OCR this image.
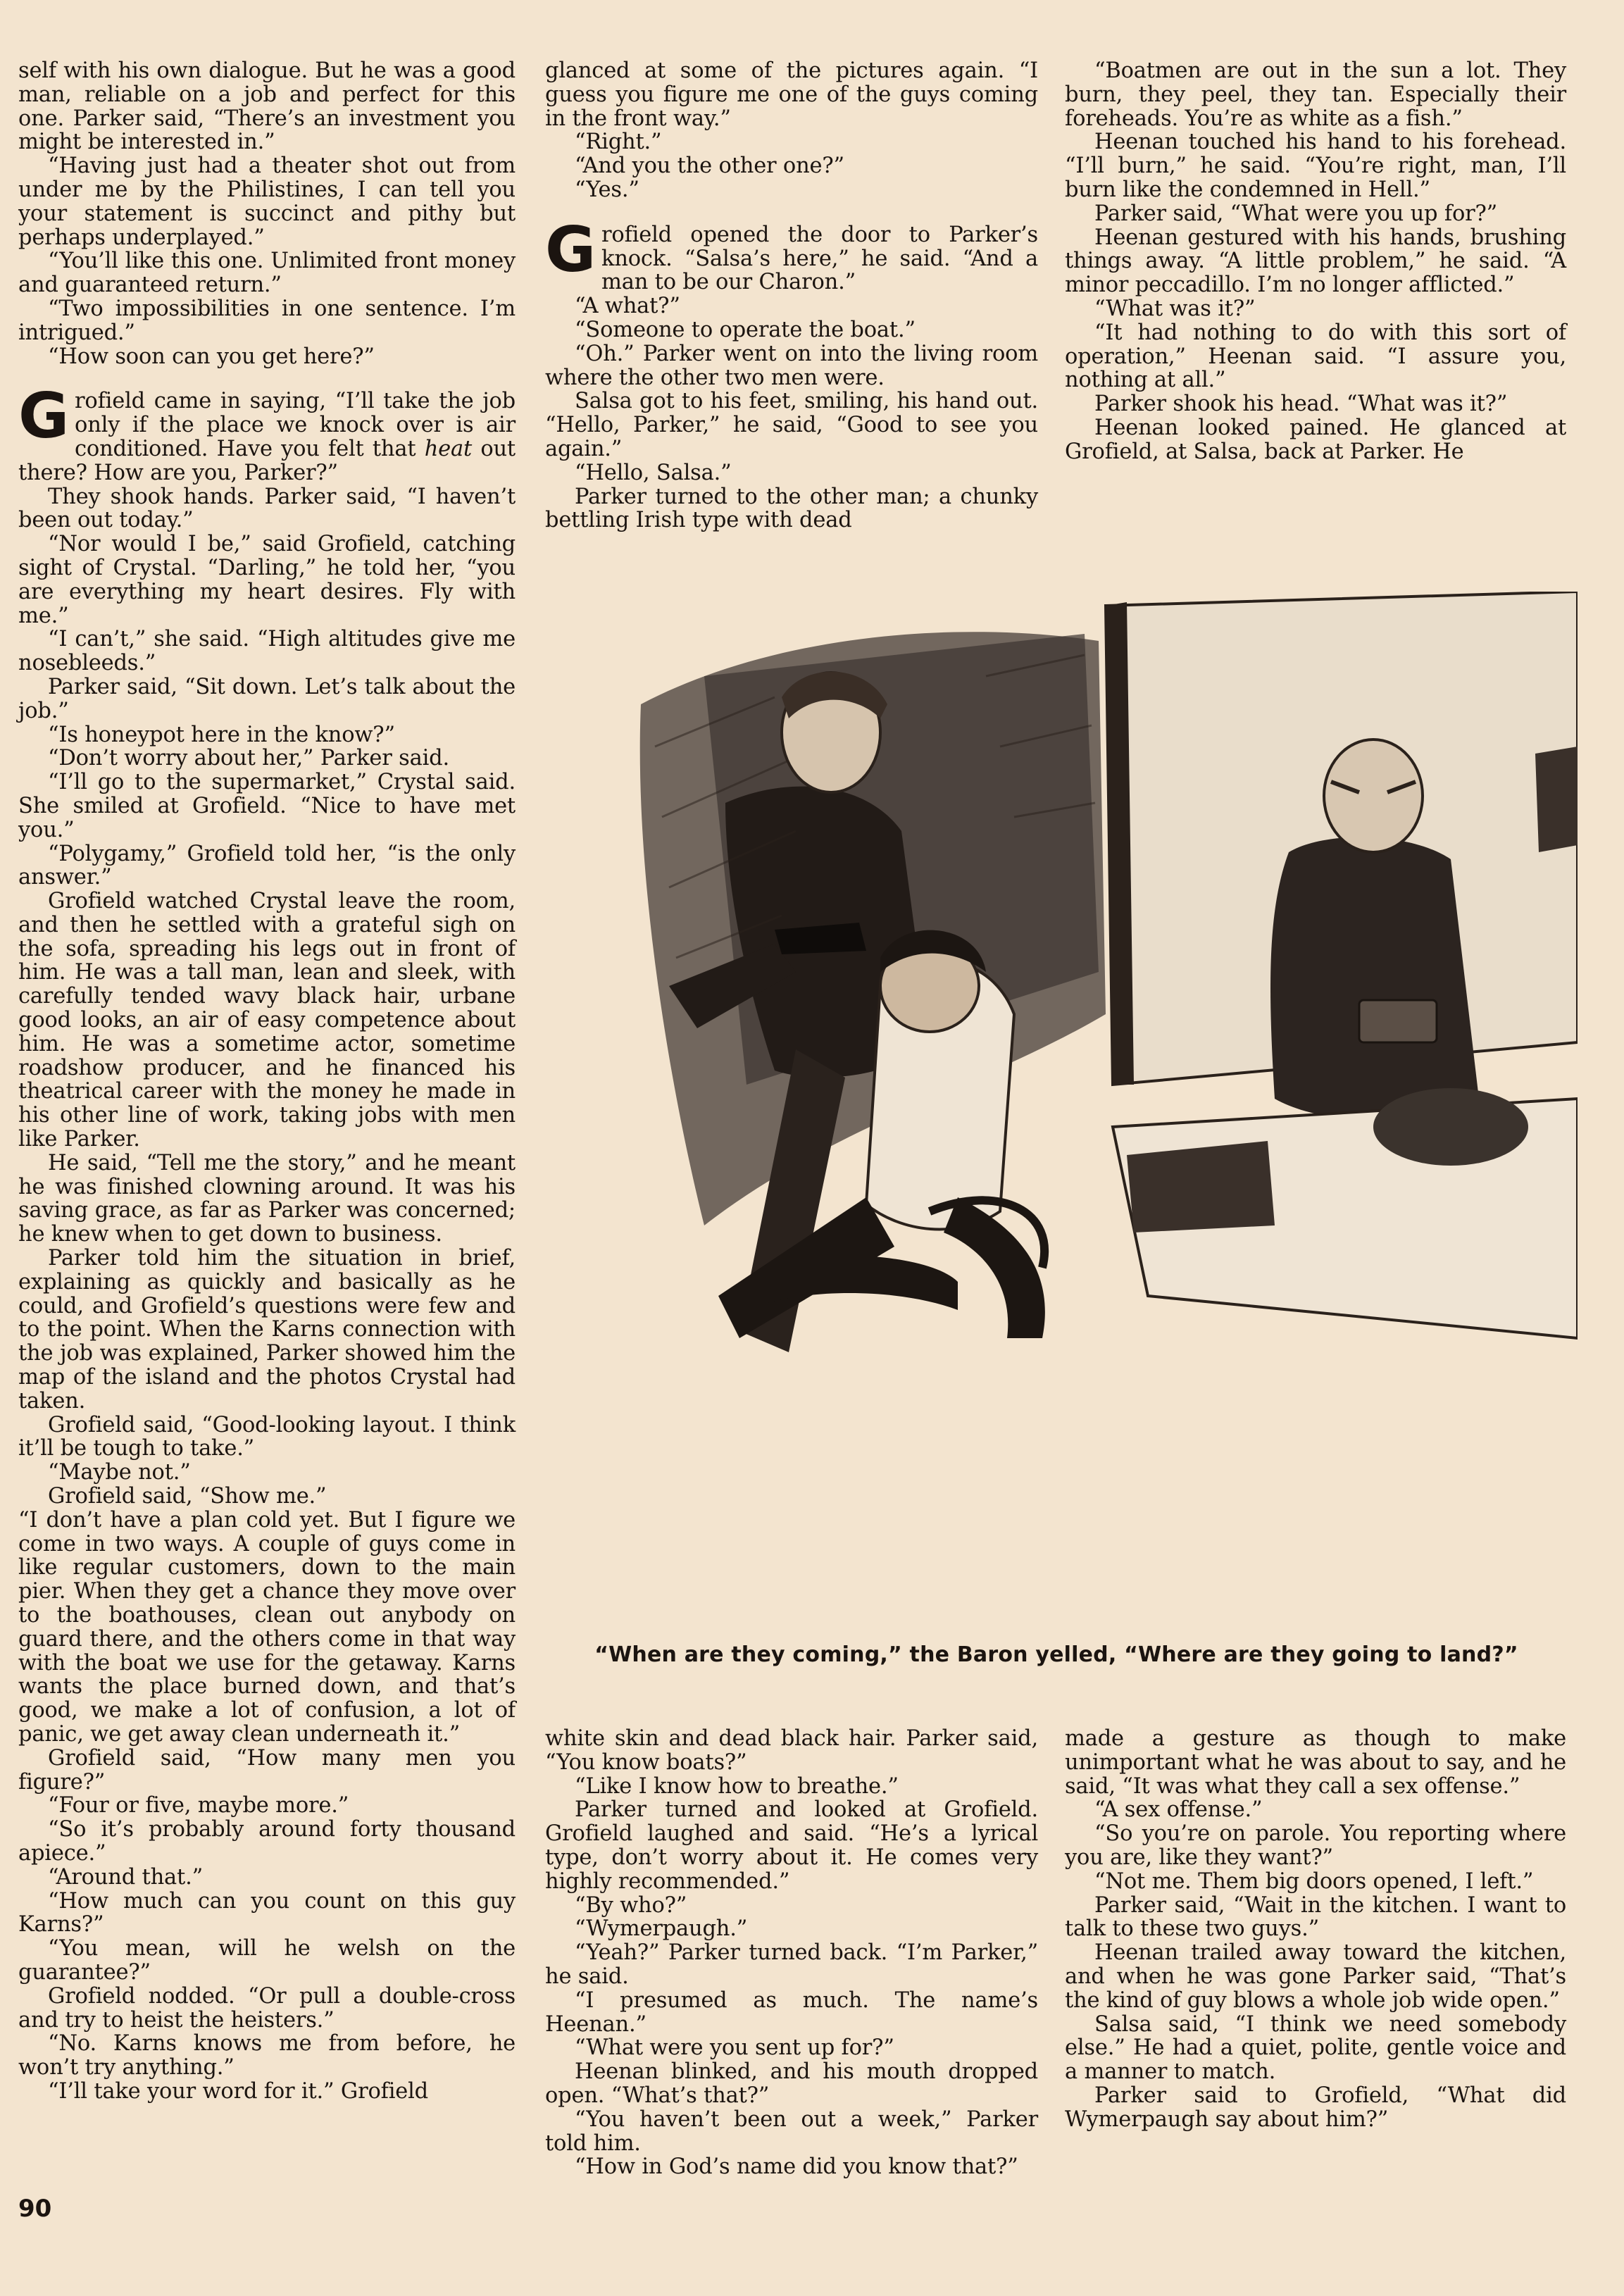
self with his own dialogue. But he was a good man, reliable on a job and perfect for this one. Parker said, “There’s an investment you might be interested in.”

“Having just had a theater shot out from under me by the Philistines, I can tell you your statement is succinct and pithy but perhaps underplayed.”

“You’ll like this one. Unlimited front money and guaranteed return.”

“Two impossibilities in one sentence. I’m intrigued.”

“How soon can you get here?”

Grofield came in saying, “I’ll take the job only if the place we knock over is air conditioned. Have you felt that heat out there? How are you, Parker?”

They shook hands. Parker said, “I haven’t been out today.”

“Nor would I be,” said Grofield, catching sight of Crystal. “Darling,” he told her, “you are everything my heart desires. Fly with me.”

“I can’t,” she said. “High altitudes give me nosebleeds.”

Parker said, “Sit down. Let’s talk about the job.”

“Is honeypot here in the know?”

“Don’t worry about her,” Parker said.

“I’ll go to the supermarket,” Crystal said. She smiled at Grofield. “Nice to have met you.”

“Polygamy,” Grofield told her, “is the only answer.”

Grofield watched Crystal leave the room, and then he settled with a grateful sigh on the sofa, spreading his legs out in front of him. He was a tall man, lean and sleek, with carefully tended wavy black hair, urbane good looks, an air of easy competence about him. He was a sometime actor, sometime roadshow producer, and he financed his theatrical career with the money he made in his other line of work, taking jobs with men like Parker.

He said, “Tell me the story,” and he meant he was finished clowning around. It was his saving grace, as far as Parker was concerned; he knew when to get down to business.

Parker told him the situation in brief, explaining as quickly and basically as he could, and Grofield’s questions were few and to the point. When the Karns connection with the job was explained, Parker showed him the map of the island and the photos Crystal had taken.

Grofield said, “Good-looking layout. I think it’ll be tough to take.”

“Maybe not.”

Grofield said, “Show me.”

“I don’t have a plan cold yet. But I figure we come in two ways. A couple of guys come in like regular customers, down to the main pier. When they get a chance they move over to the boathouses, clean out anybody on guard there, and the others come in that way with the boat we use for the getaway. Karns wants the place burned down, and that’s good, we make a lot of confusion, a lot of panic, we get away clean underneath it.”

Grofield said, “How many men you figure?”

“Four or five, maybe more.”

“So it’s probably around forty thousand apiece.”

“Around that.”

“How much can you count on this guy Karns?”

“You mean, will he welsh on the guarantee?”

Grofield nodded. “Or pull a double-cross and try to heist the heisters.”

“No. Karns knows me from before, he won’t try anything.”

“I’ll take your word for it.” Grofield

glanced at some of the pictures again. “I guess you figure me one of the guys coming in the front way.”

“Right.”

“And you the other one?”

“Yes.”

Grofield opened the door to Parker’s knock. “Salsa’s here,” he said. “And a man to be our Charon.”

“A what?”

“Someone to operate the boat.”

“Oh.” Parker went on into the living room where the other two men were.

Salsa got to his feet, smiling, his hand out. “Hello, Parker,” he said, “Good to see you again.”

“Hello, Salsa.”

Parker turned to the other man; a chunky bettling Irish type with dead

“Boatmen are out in the sun a lot. They burn, they peel, they tan. Especially their foreheads. You’re as white as a fish.”

Heenan touched his hand to his forehead. “I’ll burn,” he said. “You’re right, man, I’ll burn like the condemned in Hell.”

Parker said, “What were you up for?”

Heenan gestured with his hands, brushing things away. “A little problem,” he said. “A minor peccadillo. I’m no longer afflicted.”

“What was it?”

“It had nothing to do with this sort of operation,” Heenan said. “I assure you, nothing at all.”

Parker shook his head. “What was it?”

Heenan looked pained. He glanced at Grofield, at Salsa, back at Parker. He

“When are they coming,” the Baron yelled, “Where are they going to land?”

white skin and dead black hair. Parker said, “You know boats?”

“Like I know how to breathe.”

Parker turned and looked at Grofield. Grofield laughed and said. “He’s a lyrical type, don’t worry about it. He comes very highly recommended.”

“By who?”

“Wymerpaugh.”

“Yeah?” Parker turned back. “I’m Parker,” he said.

“I presumed as much. The name’s Heenan.”

“What were you sent up for?”

Heenan blinked, and his mouth dropped open. “What’s that?”

“You haven’t been out a week,” Parker told him.

“How in God’s name did you know that?”

made a gesture as though to make unimportant what he was about to say, and he said, “It was what they call a sex offense.”

“A sex offense.”

“So you’re on parole. You reporting where you are, like they want?”

“Not me. Them big doors opened, I left.”

Parker said, “Wait in the kitchen. I want to talk to these two guys.”

Heenan trailed away toward the kitchen, and when he was gone Parker said, “That’s the kind of guy blows a whole job wide open.”

Salsa said, “I think we need somebody else.” He had a quiet, polite, gentle voice and a manner to match.

Parker said to Grofield, “What did Wymerpaugh say about him?”

90
